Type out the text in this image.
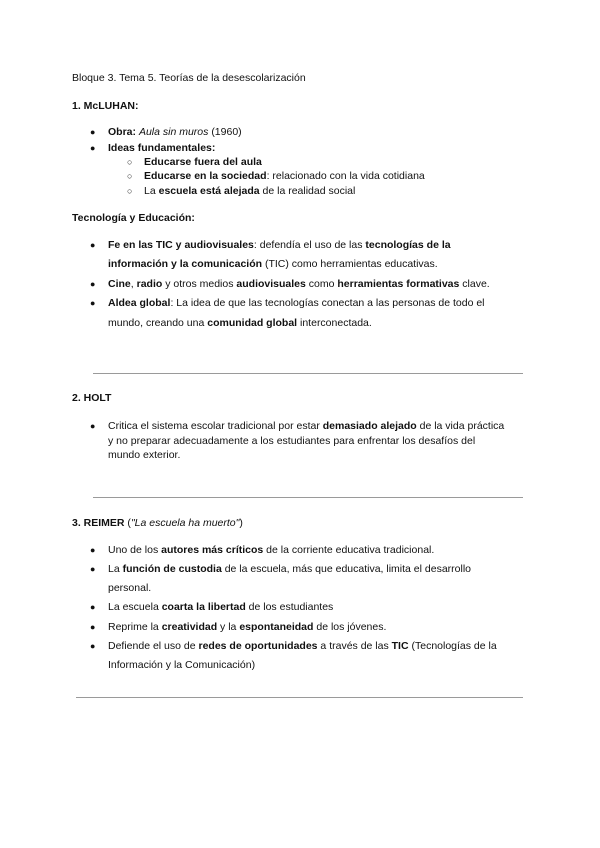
Bloque 3. Tema 5. Teorías de la desescolarización
1. McLUHAN:
● Obra: Aula sin muros (1960)
● Ideas fundamentales:
○ Educarse fuera del aula
○ Educarse en la sociedad: relacionado con la vida cotidiana
○ La escuela está alejada de la realidad social
Tecnología y Educación:
● Fe en las TIC y audiovisuales: defendía el uso de las tecnologías de la
información y la comunicación (TIC) como herramientas educativas.
● Cine, radio y otros medios audiovisuales como herramientas formativas clave.
● Aldea global: La idea de que las tecnologías conectan a las personas de todo el
mundo, creando una comunidad global interconectada.
2. HOLT
● Critica el sistema escolar tradicional por estar demasiado alejado de la vida práctica
y no preparar adecuadamente a los estudiantes para enfrentar los desafíos del
mundo exterior.
3. REIMER ("La escuela ha muerto")
● Uno de los autores más críticos de la corriente educativa tradicional.
● La función de custodia de la escuela, más que educativa, limita el desarrollo
personal.
● La escuela coarta la libertad de los estudiantes
● Reprime la creatividad y la espontaneidad de los jóvenes.
● Defiende el uso de redes de oportunidades a través de las TIC (Tecnologías de la
Información y la Comunicación)
